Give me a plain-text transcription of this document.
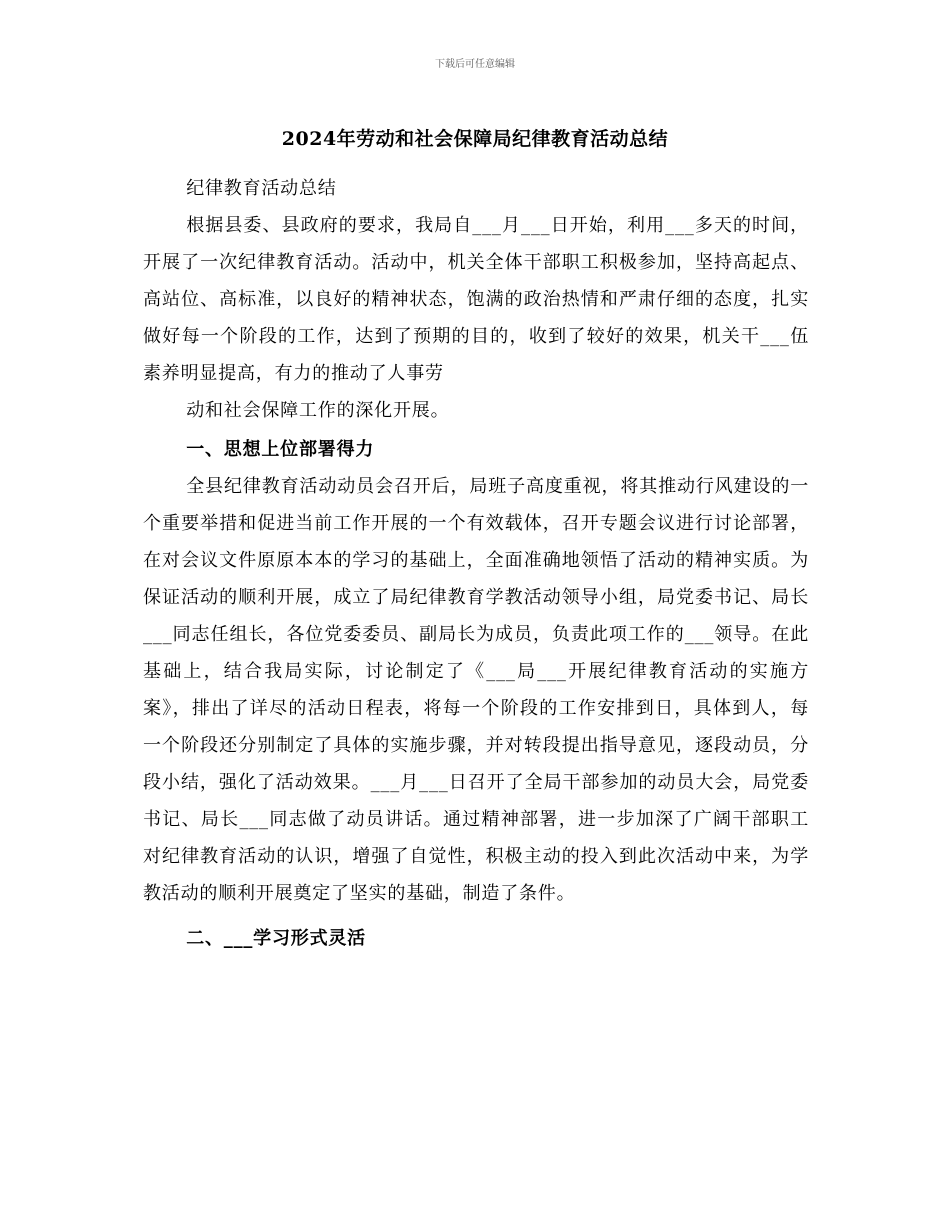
下载后可任意编辑
2024年劳动和社会保障局纪律教育活动总结

纪律教育活动总结

根据县委、县政府的要求，我局自___月___日开始，利用___多天的时间，开展了一次纪律教育活动。活动中，机关全体干部职工积极参加，坚持高起点、高站位、高标准，以良好的精神状态，饱满的政治热情和严肃仔细的态度，扎实做好每一个阶段的工作，达到了预期的目的，收到了较好的效果，机关干___伍素养明显提高，有力的推动了人事劳

动和社会保障工作的深化开展。

一、思想上位部署得力

全县纪律教育活动动员会召开后，局班子高度重视，将其推动行风建设的一个重要举措和促进当前工作开展的一个有效载体，召开专题会议进行讨论部署，在对会议文件原原本本的学习的基础上，全面准确地领悟了活动的精神实质。为保证活动的顺利开展，成立了局纪律教育学教活动领导小组，局党委书记、局长___同志任组长，各位党委委员、副局长为成员，负责此项工作的___领导。在此基础上，结合我局实际，讨论制定了《___局___开展纪律教育活动的实施方案》，排出了详尽的活动日程表，将每一个阶段的工作安排到日，具体到人，每一个阶段还分别制定了具体的实施步骤，并对转段提出指导意见，逐段动员，分段小结，强化了活动效果。___月___日召开了全局干部参加的动员大会，局党委书记、局长___同志做了动员讲话。通过精神部署，进一步加深了广阔干部职工对纪律教育活动的认识，增强了自觉性，积极主动的投入到此次活动中来，为学教活动的顺利开展奠定了坚实的基础，制造了条件。

二、___学习形式灵活
